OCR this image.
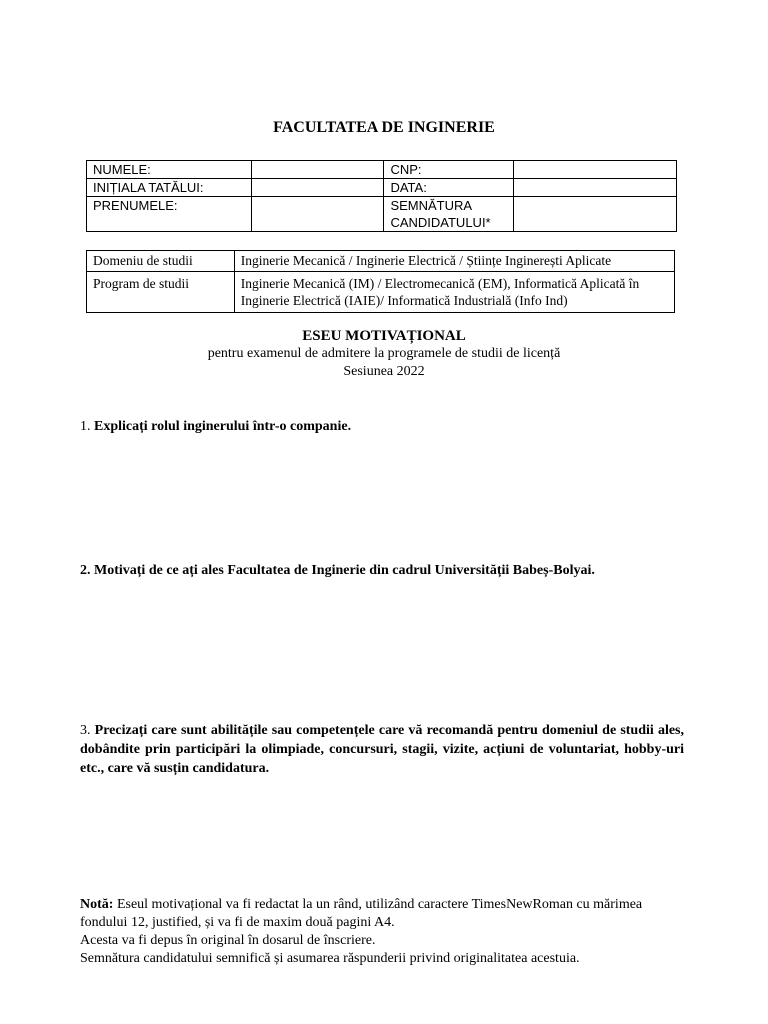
FACULTATEA DE INGINERIE
NUMELE:		CNP:	
INIȚIALA TATĂLUI:		DATA:	
PRENUMELE:		SEMNĂTURA CANDIDATULUI*	
Domeniu de studii	Inginerie Mecanică / Inginerie Electrică / Științe Inginerești Aplicate
Program de studii	Inginerie Mecanică (IM) / Electromecanică (EM), Informatică Aplicată în Inginerie Electrică (IAIE)/ Informatică Industrială (Info Ind)
ESEU MOTIVAȚIONAL
pentru examenul de admitere la programele de studii de licență
Sesiunea 2022
1. Explicați rolul inginerului într-o companie.
2. Motivați de ce ați ales Facultatea de Inginerie din cadrul Universității Babeș-Bolyai.
3. Precizați care sunt abilitățile sau competențele care vă recomandă pentru domeniul de studii ales, dobândite prin participări la olimpiade, concursuri, stagii, vizite, acțiuni de voluntariat, hobby-uri etc., care vă susțin candidatura.
Notă: Eseul motivațional va fi redactat la un rând, utilizând caractere TimesNewRoman cu mărimea
fondului 12, justified, și va fi de maxim două pagini A4.
Acesta va fi depus în original în dosarul de înscriere.
Semnătura candidatului semnifică și asumarea răspunderii privind originalitatea acestuia.
